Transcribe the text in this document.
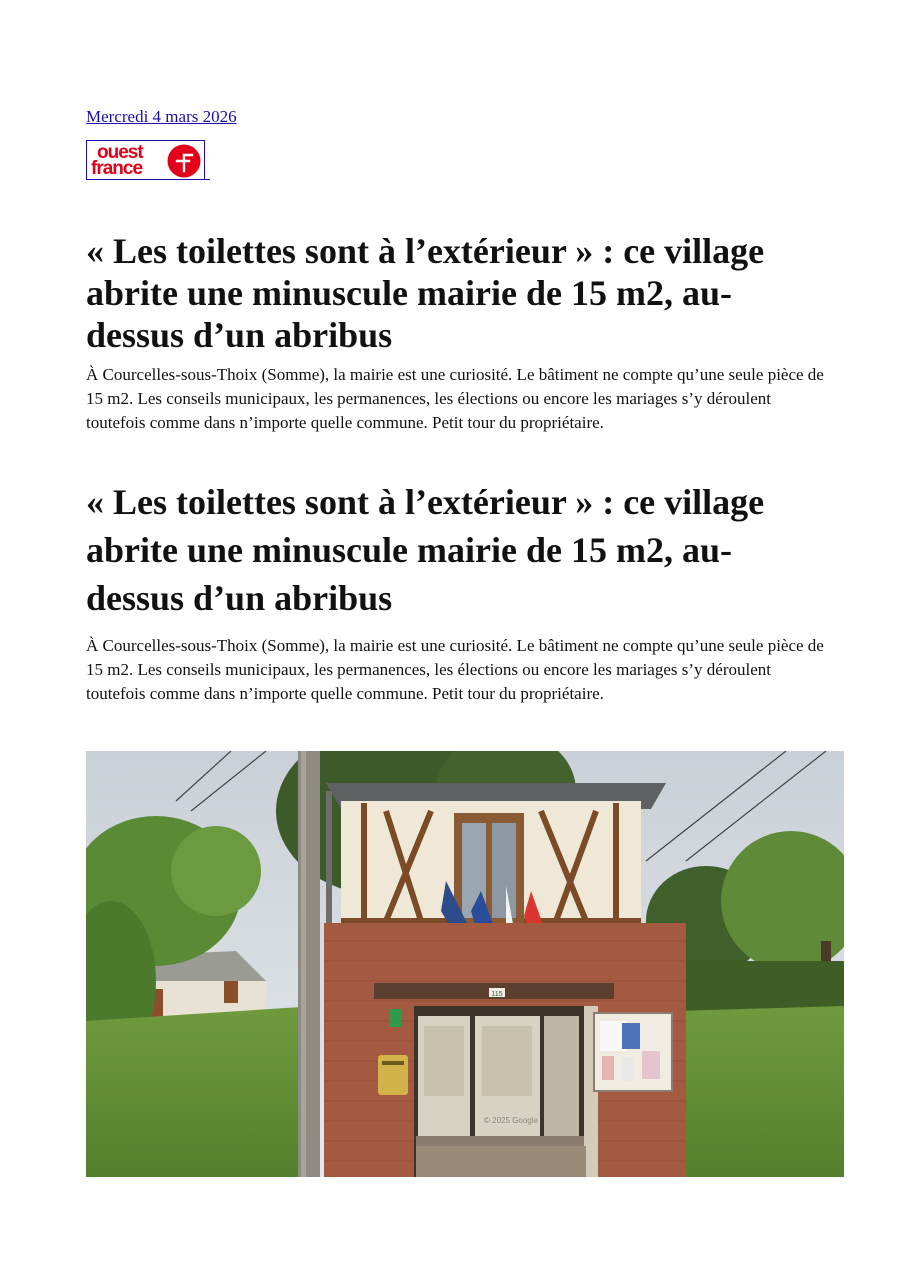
Mercredi 4 mars 2026
ouest
france
« Les toilettes sont à l’extérieur » : ce village abrite une minuscule mairie de 15 m2, au-dessus d’un abribus

À Courcelles-sous-Thoix (Somme), la mairie est une curiosité. Le bâtiment ne compte qu’une seule pièce de 15 m2. Les conseils municipaux, les permanences, les élections ou encore les mariages s’y déroulent toutefois comme dans n’importe quelle commune. Petit tour du propriétaire.

« Les toilettes sont à l’extérieur » : ce village abrite une minuscule mairie de 15 m2, au-dessus d’un abribus

À Courcelles-sous-Thoix (Somme), la mairie est une curiosité. Le bâtiment ne compte qu’une seule pièce de 15 m2. Les conseils municipaux, les permanences, les élections ou encore les mariages s’y déroulent toutefois comme dans n’importe quelle commune. Petit tour du propriétaire.

115
© 2025 Google
